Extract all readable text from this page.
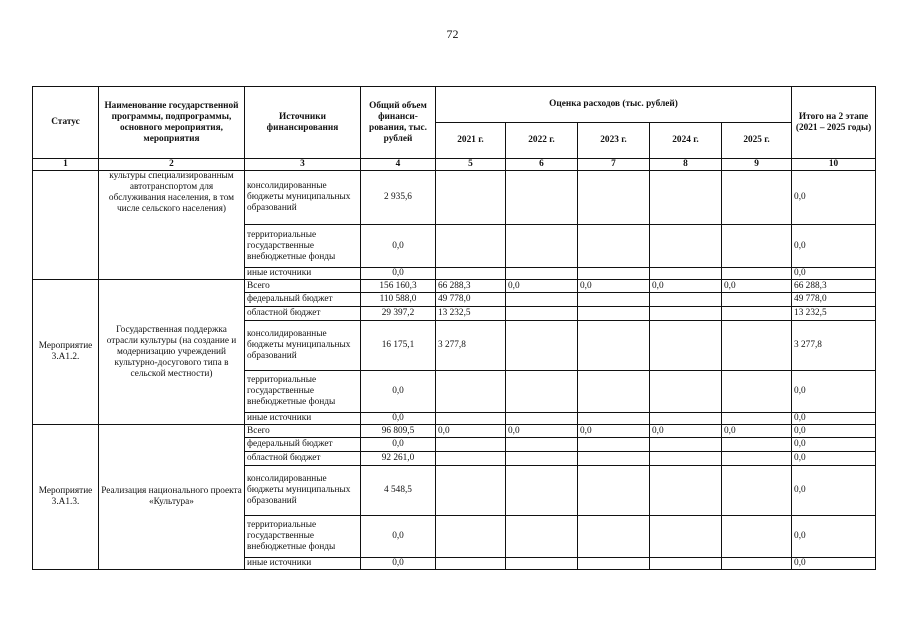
72
Статус	Наименование государственной программы, подпрограммы, основного мероприятия, мероприятия	Источники финансирования	Общий объем финанси-рования, тыс. рублей	Оценка расходов (тыс. рублей)					Итого на 2 этапе (2021 – 2025 годы)
				2021 г.	2022 г.	2023 г.	2024 г.	2025 г.	
1	2	3	4	5	6	7	8	9	10
	культуры специализированным автотранспортом для обслуживания населения, в том числе сельского населения)	консолидированные бюджеты муниципальных образований	2 935,6						0,0
		территориальные государственные внебюджетные фонды	0,0						0,0
		иные источники	0,0						0,0
Мероприятие 3.А1.2.	Государственная поддержка отрасли культуры (на создание и модернизацию учреждений культурно-досугового типа в сельской местности)	Всего	156 160,3	66 288,3	0,0	0,0	0,0	0,0	66 288,3
		федеральный бюджет	110 588,0	49 778,0					49 778,0
		областной бюджет	29 397,2	13 232,5					13 232,5
		консолидированные бюджеты муниципальных образований	16 175,1	3 277,8					3 277,8
		территориальные государственные внебюджетные фонды	0,0						0,0
		иные источники	0,0						0,0
Мероприятие 3.А1.3.	Реализация национального проекта «Культура»	Всего	96 809,5	0,0	0,0	0,0	0,0	0,0	0,0
		федеральный бюджет	0,0						0,0
		областной бюджет	92 261,0						0,0
		консолидированные бюджеты муниципальных образований	4 548,5						0,0
		территориальные государственные внебюджетные фонды	0,0						0,0
		иные источники	0,0						0,0
